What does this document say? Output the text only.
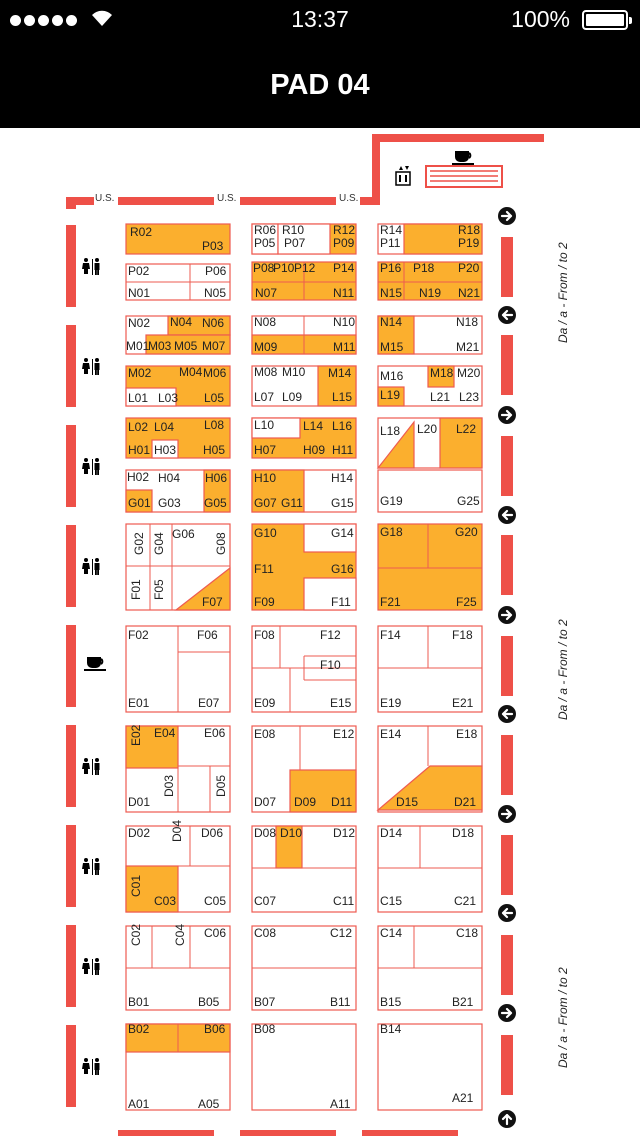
13:37	100%
PAD 04
U.S.	U.S.	U.S.
Da / a - From / to 2
Da / a - From / to 2
Da / a - From / to 2
R02
P03
R06 R10 R12
P05 P07 P09
R14	R18
P11	P19
P02	P06
N01	N05
P08
P10 P12 P14
N07	N11
P16 P18 P20
N15 N19 N21
N02 N04 N06
M01
M03 M05 M07
N08	N10
M09	M11
N14	N18
M15	M21
M02 M04 M06
L01 L03 L05
M08 M10 M14
L07 L09 L15
M16 M18 M20
L19 L21 L23
L02 L04 L08
H01 H03 H05
L10 L14 L16
H07 H09 H11
L18 L20 L22
H02 H04 H06
G01 G03 G05
H10	H14
G07 G11 G15 G19	G25
G06	G10	G14
F11	G16
F09	F11
G18	G20
F21	F25
F07
F02	F06
E01	E07
F08	F12
F10
E09	E15
F14	F18
E19	E21
E04 E06
D01
E08	E12
D07 D09 D11
E14	E18
D15	D21
D02	D06
C05
D08 D10	D12
C07	C11
D14	D18
C15	C21
C03
C06
B01	B05
C08	C12
B07	B11
C14	C18
B15	B21
B02	B06
A01	A05
B08
A11
B14
A21
G02 G04	G08
F01 F05
E02
D03	D05
D04
C01
C02	C04
